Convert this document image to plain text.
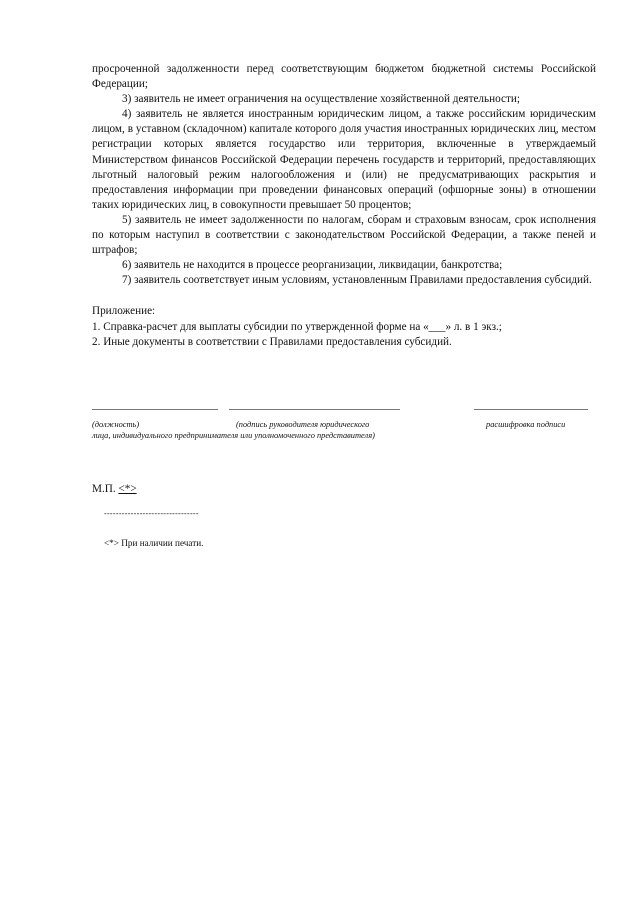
просроченной задолженности перед соответствующим бюджетом бюджетной системы Российской Федерации;

3) заявитель не имеет ограничения на осуществление хозяйственной деятельности;

4) заявитель не является иностранным юридическим лицом, а также российским юридическим лицом, в уставном (складочном) капитале которого доля участия иностранных юридических лиц, местом регистрации которых является государство или территория, включенные в утверждаемый Министерством финансов Российской Федерации перечень государств и территорий, предоставляющих льготный налоговый режим налогообложения и (или) не предусматривающих раскрытия и предоставления информации при проведении финансовых операций (офшорные зоны) в отношении таких юридических лиц, в совокупности превышает 50 процентов;

5) заявитель не имеет задолженности по налогам, сборам и страховым взносам, срок исполнения по которым наступил в соответствии с законодательством Российской Федерации, а также пеней и штрафов;

6) заявитель не находится в процессе реорганизации, ликвидации, банкротства;

7) заявитель соответствует иным условиям, установленным Правилами предоставления субсидий.

Приложение:

1. Справка-расчет для выплаты субсидии по утвержденной форме на «___» л. в 1 экз.;

2. Иные документы в соответствии с Правилами предоставления субсидий.

(должность)	(подпись руководителя юридического	расшифровка подписи
лица, индивидуального предпринимателя или уполномоченного представителя)
М.П. <*>
--------------------------------
<*> При наличии печати.
